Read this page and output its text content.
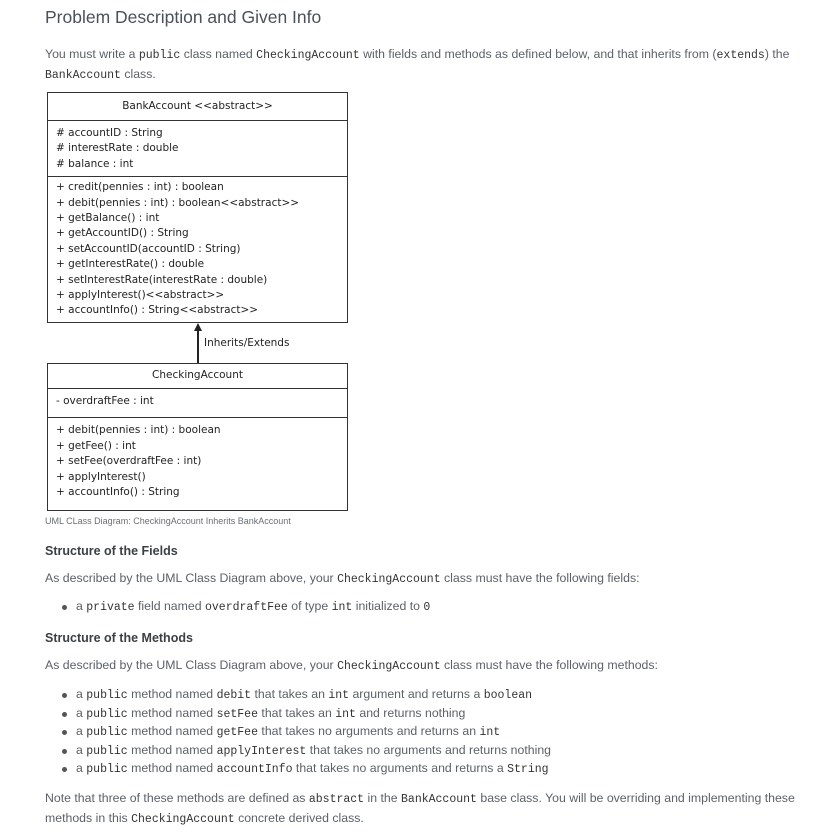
Problem Description and Given Info
You must write a public class named CheckingAccount with fields and methods as defined below, and that inherits from (extends) the
BankAccount class.
BankAccount <<abstract>>
# accountID : String
# interestRate : double
# balance : int
+ credit(pennies : int) : boolean
+ debit(pennies : int) : boolean<<abstract>>
+ getBalance() : int
+ getAccountID() : String
+ setAccountID(accountID : String)
+ getInterestRate() : double
+ setInterestRate(interestRate : double)
+ applyInterest()<<abstract>>
+ accountInfo() : String<<abstract>>
Inherits/Extends
CheckingAccount
- overdraftFee : int
+ debit(pennies : int) : boolean
+ getFee() : int
+ setFee(overdraftFee : int)
+ applyInterest()
+ accountInfo() : String
UML CLass Diagram: CheckingAccount Inherits BankAccount
Structure of the Fields
As described by the UML Class Diagram above, your CheckingAccount class must have the following fields:
a private field named overdraftFee of type int initialized to 0
Structure of the Methods
As described by the UML Class Diagram above, your CheckingAccount class must have the following methods:
a public method named debit that takes an int argument and returns a boolean
a public method named setFee that takes an int and returns nothing
a public method named getFee that takes no arguments and returns an int
a public method named applyInterest that takes no arguments and returns nothing
a public method named accountInfo that takes no arguments and returns a String
Note that three of these methods are defined as abstract in the BankAccount base class. You will be overriding and implementing these
methods in this CheckingAccount concrete derived class.
